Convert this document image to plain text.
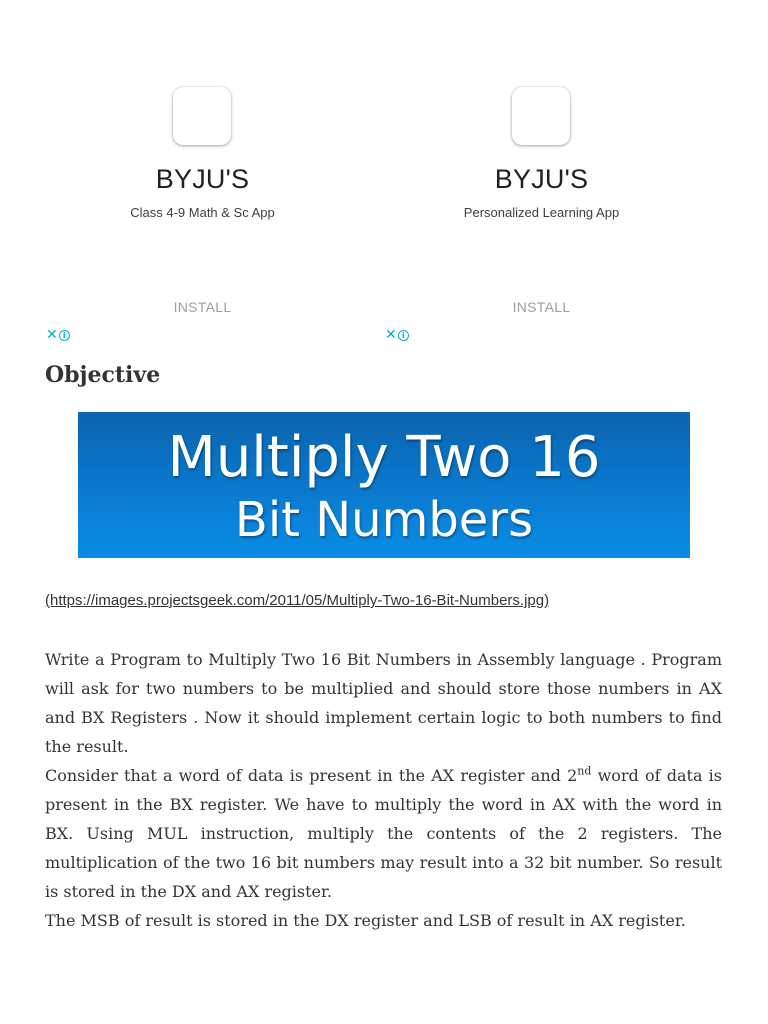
BYJU'S
Class 4-9 Math & Sc App
INSTALL
✕ i
BYJU'S
Personalized Learning App
INSTALL
✕ i
Objective
Multiply Two 16
Bit Numbers
(https://images.projectsgeek.com/2011/05/Multiply-Two-16-Bit-Numbers.jpg)

Write a Program to Multiply Two 16 Bit Numbers in Assembly language . Program will ask for two numbers to be multiplied and should store those numbers in AX and BX Registers . Now it should implement certain logic to both numbers to find the result.

Consider that a word of data is present in the AX register and 2nd word of data is present in the BX register. We have to multiply the word in AX with the word in BX. Using MUL instruction, multiply the contents of the 2 registers. The multiplication of the two 16 bit numbers may result into a 32 bit number. So result is stored in the DX and AX register.

The MSB of result is stored in the DX register and LSB of result in AX register.
